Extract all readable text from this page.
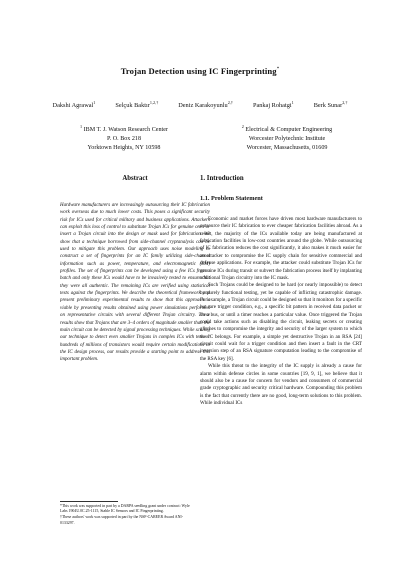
Trojan Detection using IC Fingerprinting*
Dakshi Agrawal$^1$	Selçuk Baktır$^{1,2,\dagger}$	Deniz Karakoyunlu$^{2,\dagger}$	Pankaj Rohatgi$^1$	Berk Sunar$^{2,\dagger}$
$^1$ IBM T. J. Watson Research Center
P. O. Box 218
Yorktown Heights, NY 10598
$^2$ Electrical & Computer Engineering
Worcester Polytechnic Institute
Worcester, Massachusetts, 01609
Abstract
Hardware manufacturers are increasingly outsourcing their IC fabrication work overseas due to much lower costs. This poses a significant security risk for ICs used for critical military and business applications. Attackers can exploit this loss of control to substitute Trojan ICs for genuine ones or insert a Trojan circuit into the design or mask used for fabrication. We show that a technique borrowed from side-channel cryptanalysis can be used to mitigate this problem. Our approach uses noise modeling to construct a set of fingerprints for an IC family utilizing side-channel information such as power, temperature, and electromagnetic (EM) profiles. The set of fingerprints can be developed using a few ICs from a batch and only these ICs would have to be invasively tested to ensure that they were all authentic. The remaining ICs are verified using statistical tests against the fingerprints. We describe the theoretical framework and present preliminary experimental results to show that this approach is viable by presenting results obtained using power simulations performed on representative circuits with several different Trojan circuitry. These results show that Trojans that are 3–4 orders of magnitude smaller than the main circuit can be detected by signal processing techniques. While scaling our technique to detect even smaller Trojans in complex ICs with tens or hundreds of millions of transistors would require certain modifications to the IC design process, our results provide a starting point to address this important problem.

*This work was supported in part by a DARPA seedling grant under contract: Wyle Labs 1904U.0C.25-1115, Stable IC Sensors and IC Fingerprinting.

†These authors' work was supported in part by the NSF-CAREER Award ANI-0133297.

1. Introduction
1.1. Problem Statement

Economic and market forces have driven most hardware manufacturers to outsource their IC fabrication to ever cheaper fabrication facilities abroad. As a result, the majority of the ICs available today are being manufactured at fabrication facilities in low-cost countries around the globe. While outsourcing of IC fabrication reduces the cost significantly, it also makes it much easier for an attacker to compromise the IC supply chain for sensitive commercial and defense applications. For example, the attacker could substitute Trojan ICs for genuine ICs during transit or subvert the fabrication process itself by implanting additional Trojan circuitry into the IC mask.

Such Trojans could be designed to be hard (or nearly impossible) to detect by purely functional testing, yet be capable of inflicting catastrophic damage. For example, a Trojan circuit could be designed so that it monitors for a specific but rare trigger condition, e.g., a specific bit pattern in received data packet or on a bus, or until a timer reaches a particular value. Once triggered the Trojan could take actions such as disabling the circuit, leaking secrets or creating glitches to compromise the integrity and security of the larger system to which the IC belongs. For example, a simple yet destructive Trojan in an RSA [24] circuit could wait for a trigger condition and then insert a fault in the CRT inversion step of an RSA signature computation leading to the compromise of the RSA key [6].

While this threat to the integrity of the IC supply is already a cause for alarm within defense circles in some countries [19, 9, 1], we believe that it should also be a cause for concern for vendors and consumers of commercial grade cryptographic and security critical hardware. Compounding this problem is the fact that currently there are no good, long-term solutions to this problem. While individual ICs
